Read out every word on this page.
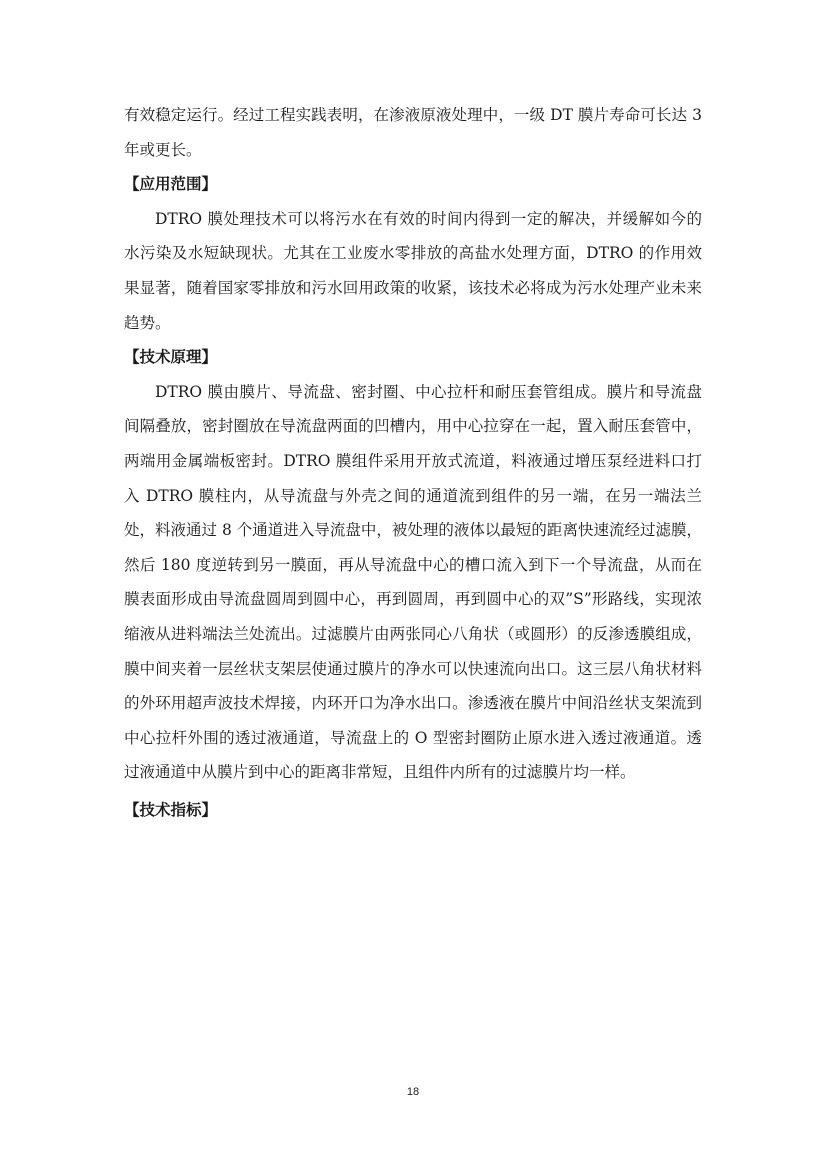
有效稳定运行。经过工程实践表明，在渗液原液处理中，一级 DT 膜片寿命可长达 3 年或更长。

【应用范围】

DTRO 膜处理技术可以将污水在有效的时间内得到一定的解决，并缓解如今的水污染及水短缺现状。尤其在工业废水零排放的高盐水处理方面，DTRO 的作用效果显著，随着国家零排放和污水回用政策的收紧，该技术必将成为污水处理产业未来趋势。

【技术原理】

DTRO 膜由膜片、导流盘、密封圈、中心拉杆和耐压套管组成。膜片和导流盘间隔叠放，密封圈放在导流盘两面的凹槽内，用中心拉穿在一起，置入耐压套管中，两端用金属端板密封。DTRO 膜组件采用开放式流道，料液通过增压泵经进料口打入 DTRO 膜柱内，从导流盘与外壳之间的通道流到组件的另一端，在另一端法兰处，料液通过 8 个通道进入导流盘中，被处理的液体以最短的距离快速流经过滤膜，然后 180 度逆转到另一膜面，再从导流盘中心的槽口流入到下一个导流盘，从而在膜表面形成由导流盘圆周到圆中心，再到圆周，再到圆中心的双”S”形路线，实现浓缩液从进料端法兰处流出。过滤膜片由两张同心八角状（或圆形）的反渗透膜组成，膜中间夹着一层丝状支架层使通过膜片的净水可以快速流向出口。这三层八角状材料的外环用超声波技术焊接，内环开口为净水出口。渗透液在膜片中间沿丝状支架流到中心拉杆外围的透过液通道，导流盘上的 O 型密封圈防止原水进入透过液通道。透过液通道中从膜片到中心的距离非常短，且组件内所有的过滤膜片均一样。

【技术指标】
18
